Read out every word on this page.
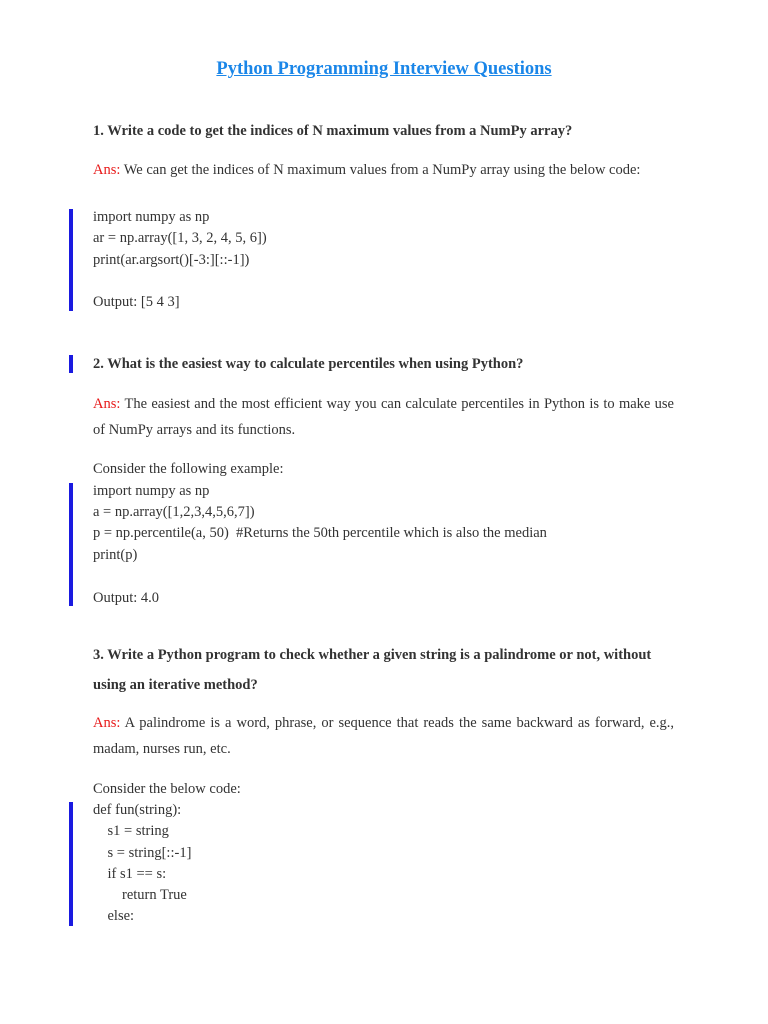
Python Programming Interview Questions
1. Write a code to get the indices of N maximum values from a NumPy array?
Ans: We can get the indices of N maximum values from a NumPy array using the below code:
import numpy as np
ar = np.array([1, 3, 2, 4, 5, 6])
print(ar.argsort()[-3:][::-1])
Output: [5 4 3]
2. What is the easiest way to calculate percentiles when using Python?
Ans: The easiest and the most efficient way you can calculate percentiles in Python is to make use of NumPy arrays and its functions.
Consider the following example:
import numpy as np
a = np.array([1,2,3,4,5,6,7])
p = np.percentile(a, 50)  #Returns the 50th percentile which is also the median
print(p)
Output: 4.0
3. Write a Python program to check whether a given string is a palindrome or not, without using an iterative method?
Ans: A palindrome is a word, phrase, or sequence that reads the same backward as forward, e.g., madam, nurses run, etc.
Consider the below code:
def fun(string):
s1 = string
s = string[::-1]
if s1 == s:
return True
else:
